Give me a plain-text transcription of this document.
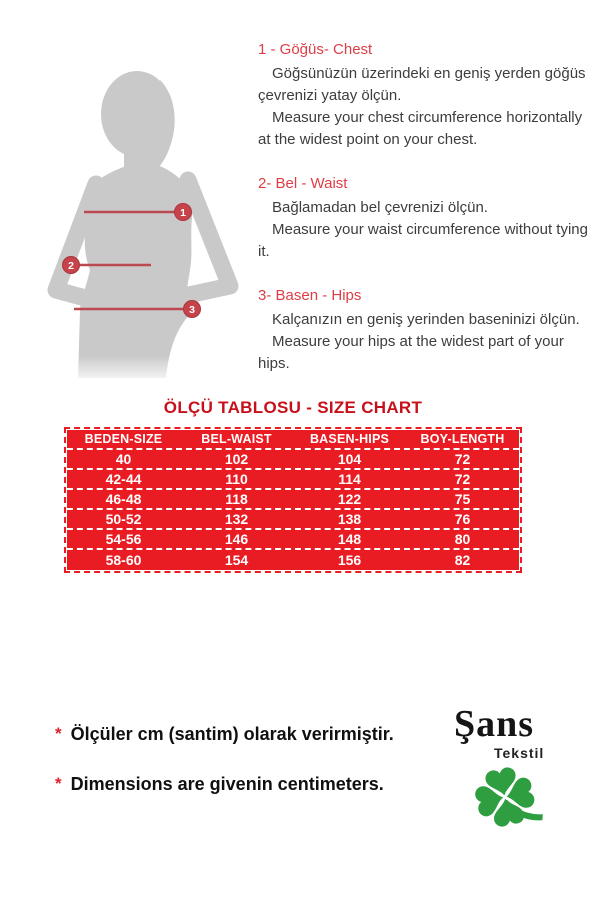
1
2
3
1 - Göğüs- Chest

Göğsünüzün üzerindeki en geniş yerden göğüs çevrenizi yatay ölçün.

Measure your chest circumference horizontally at the widest point on your chest.

2- Bel - Waist

Bağlamadan bel çevrenizi ölçün.

Measure your waist circumference without tying it.

3- Basen - Hips

Kalçanızın en geniş yerinden baseninizi ölçün.

Measure your hips at the widest part of your hips.

ÖLÇÜ TABLOSU - SIZE CHART
BEDEN-SIZE	BEL-WAIST	BASEN-HIPS	BOY-LENGTH
40	102	104	72
42-44	110	114	72
46-48	118	122	75
50-52	132	138	76
54-56	146	148	80
58-60	154	156	82
* Ölçüler cm (santim) olarak verirmiştir.
* Dimensions are givenin centimeters.
Şans
Tekstil
